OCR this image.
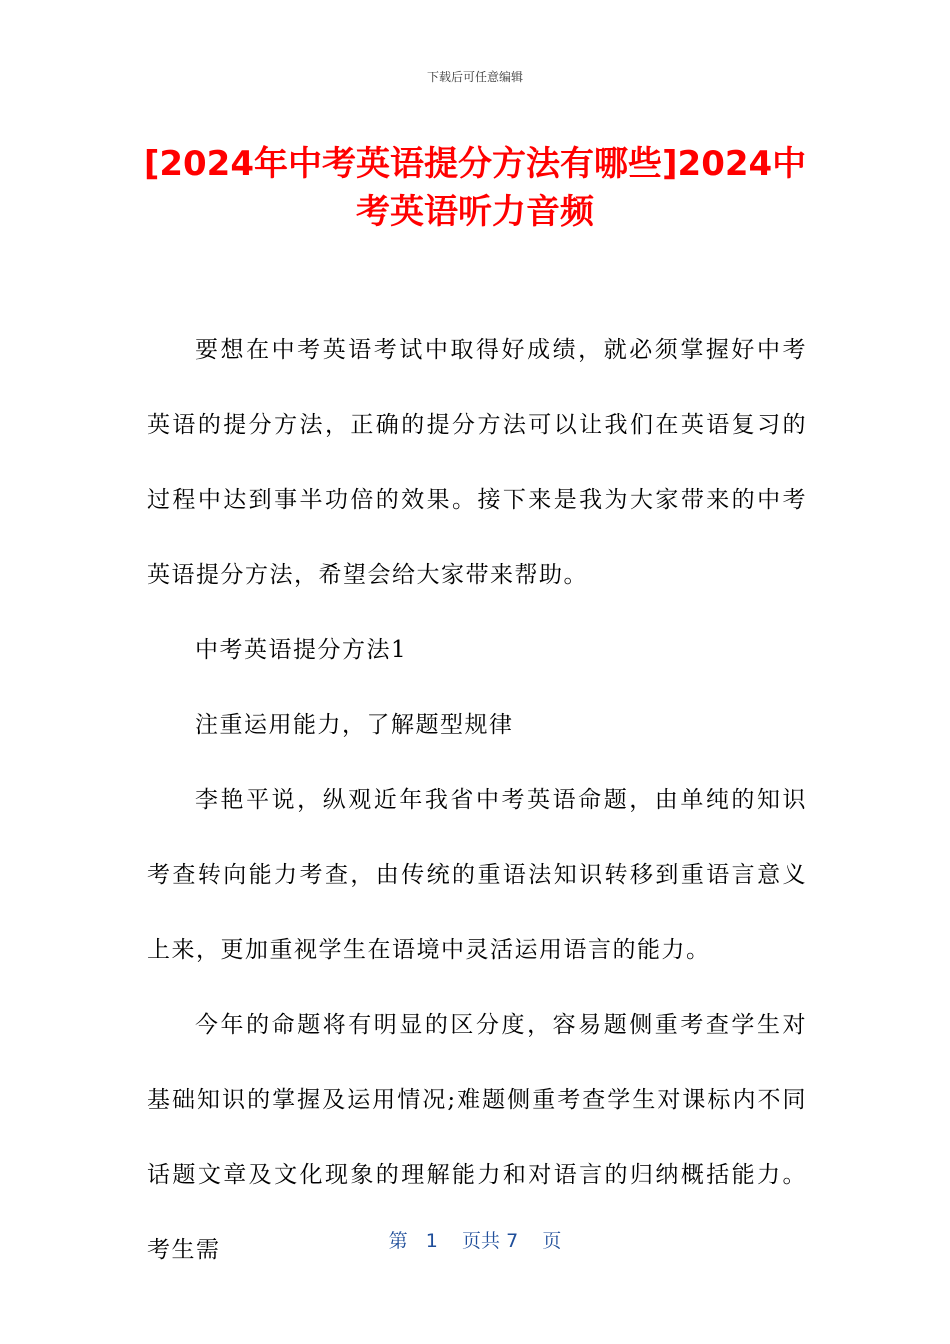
下载后可任意编辑
[2024年中考英语提分方法有哪些]2024中考英语听力音频

要想在中考英语考试中取得好成绩，就必须掌握好中考英语的提分方法，正确的提分方法可以让我们在英语复习的过程中达到事半功倍的效果。接下来是我为大家带来的中考英语提分方法，希望会给大家带来帮助。

中考英语提分方法1

注重运用能力，了解题型规律

李艳平说，纵观近年我省中考英语命题，由单纯的知识考查转向能力考查，由传统的重语法知识转移到重语言意义上来，更加重视学生在语境中灵活运用语言的能力。

今年的命题将有明显的区分度，容易题侧重考查学生对基础知识的掌握及运用情况;难题侧重考查学生对课标内不同话题文章及文化现象的理解能力和对语言的归纳概括能力。考生需	第 1 页共 7 页
